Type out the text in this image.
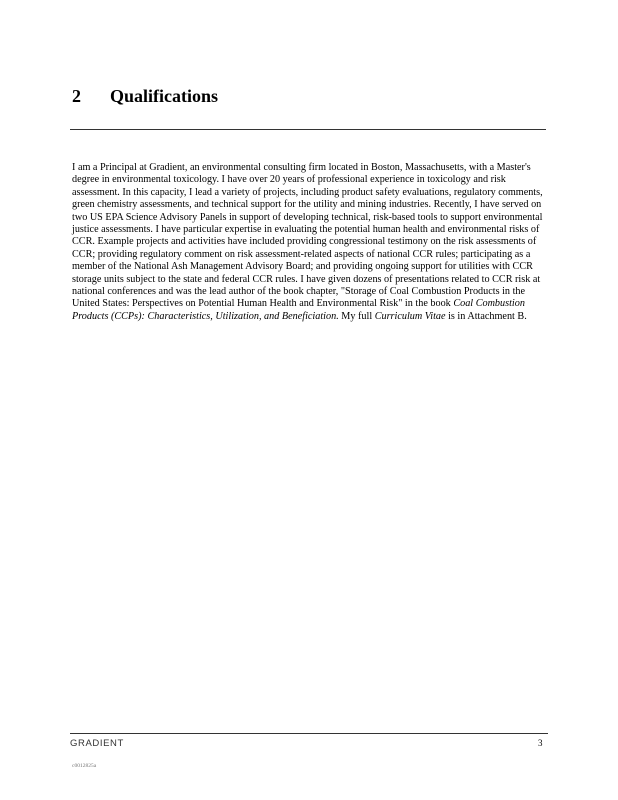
2 Qualifications

I am a Principal at Gradient, an environmental consulting firm located in Boston, Massachusetts, with a Master's degree in environmental toxicology. I have over 20 years of professional experience in toxicology and risk assessment. In this capacity, I lead a variety of projects, including product safety evaluations, regulatory comments, green chemistry assessments, and technical support for the utility and mining industries. Recently, I have served on two US EPA Science Advisory Panels in support of developing technical, risk-based tools to support environmental justice assessments. I have particular expertise in evaluating the potential human health and environmental risks of CCR. Example projects and activities have included providing congressional testimony on the risk assessments of CCR; providing regulatory comment on risk assessment-related aspects of national CCR rules; participating as a member of the National Ash Management Advisory Board; and providing ongoing support for utilities with CCR storage units subject to the state and federal CCR rules. I have given dozens of presentations related to CCR risk at national conferences and was the lead author of the book chapter, "Storage of Coal Combustion Products in the United States: Perspectives on Potential Human Health and Environmental Risk" in the book Coal Combustion Products (CCPs): Characteristics, Utilization, and Beneficiation. My full Curriculum Vitae is in Attachment B.

GRADIENT	3
c0012825a
